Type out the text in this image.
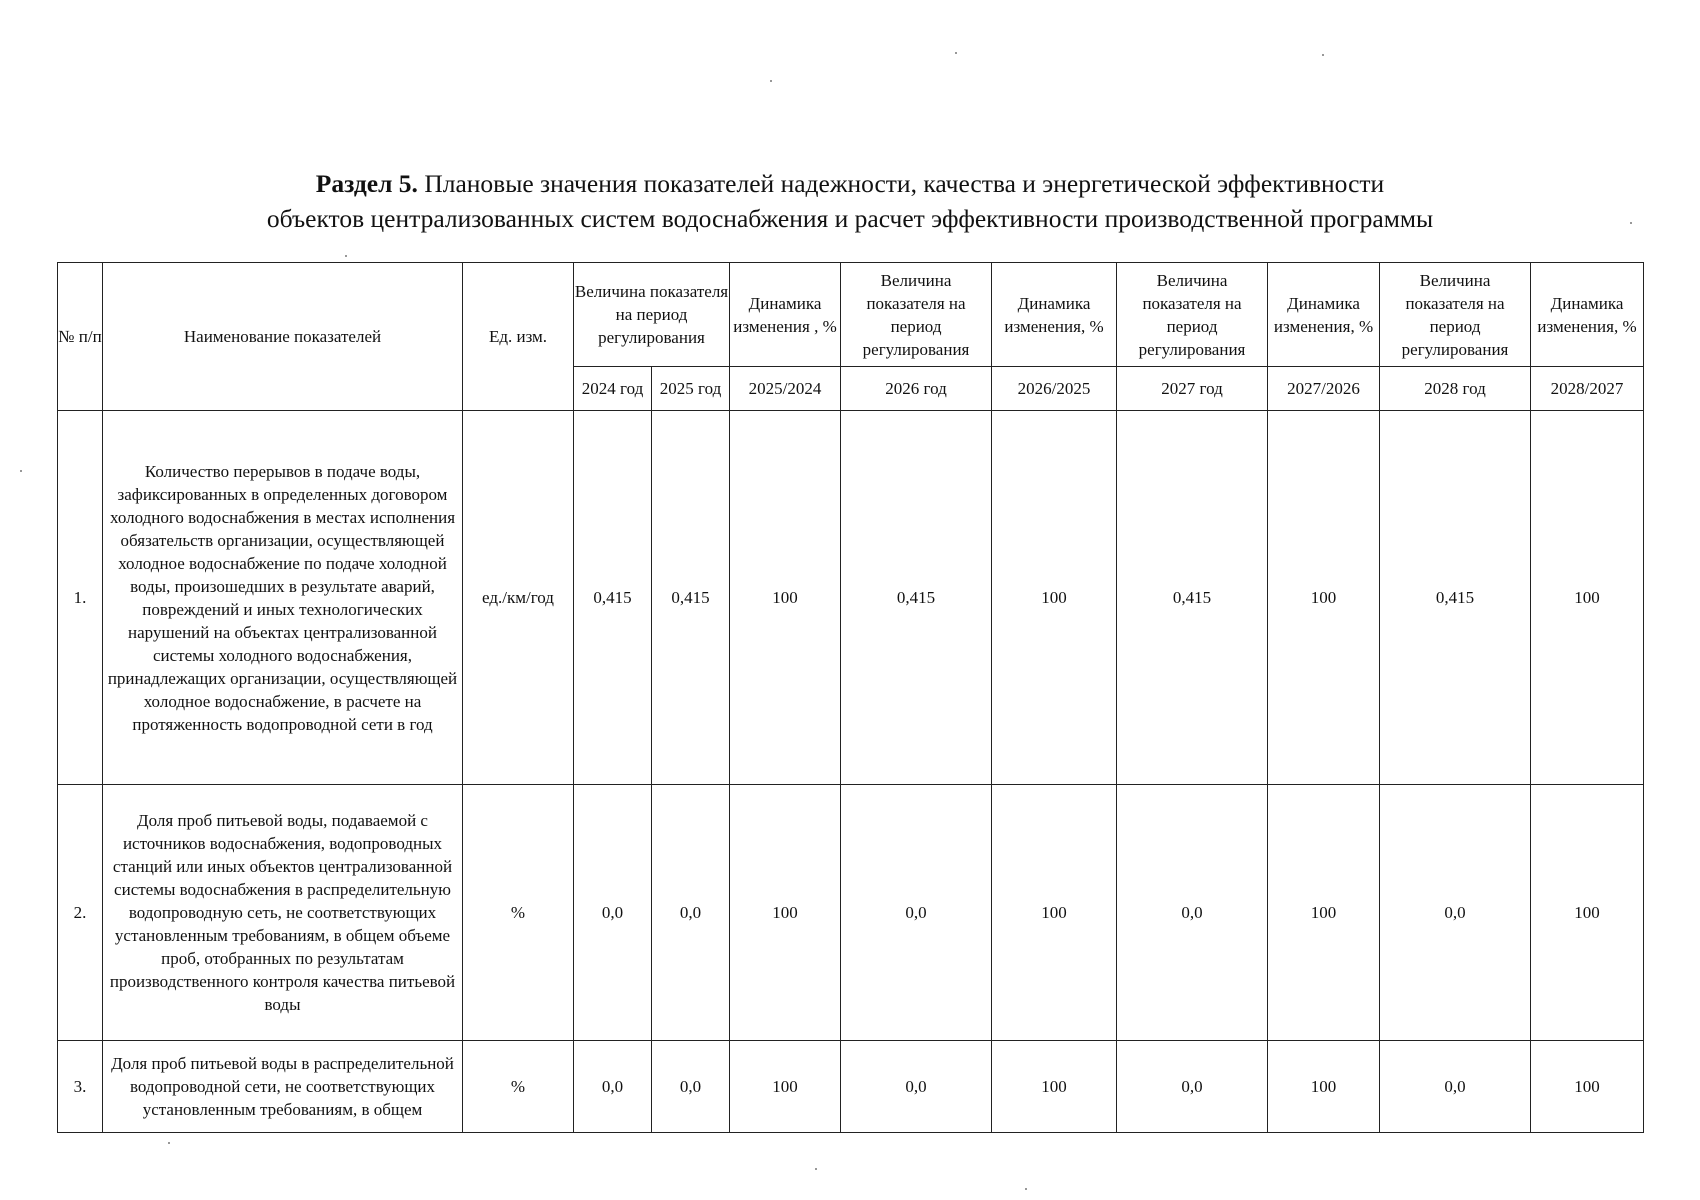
Раздел 5. Плановые значения показателей надежности, качества и энергетической эффективности
объектов централизованных систем водоснабжения и расчет эффективности производственной программы
№ п/п	Наименование показателей	Ед. изм.	Величина показателя на период регулирования		Динамика изменения , %	Величина показателя на период регулирования	Динамика изменения, %	Величина показателя на период регулирования	Динамика изменения, %	Величина показателя на период регулирования	Динамика изменения, %
			2024 год	2025 год	2025/2024	2026 год	2026/2025	2027 год	2027/2026	2028 год	2028/2027
1.	Количество перерывов в подаче воды, зафиксированных в определенных договором холодного водоснабжения в местах исполнения обязательств организации, осуществляющей холодное водоснабжение по подаче холодной воды, произошедших в результате аварий, повреждений и иных технологических нарушений на объектах централизованной системы холодного водоснабжения, принадлежащих организации, осуществляющей холодное водоснабжение, в расчете на протяженность водопроводной сети в год	ед./км/год	0,415	0,415	100	0,415	100	0,415	100	0,415	100
2.	Доля проб питьевой воды, подаваемой с источников водоснабжения, водопроводных станций или иных объектов централизованной системы водоснабжения в распределительную водопроводную сеть, не соответствующих установленным требованиям, в общем объеме проб, отобранных по результатам производственного контроля качества питьевой воды	%	0,0	0,0	100	0,0	100	0,0	100	0,0	100
3.	Доля проб питьевой воды в распределительной водопроводной сети, не соответствующих установленным требованиям, в общем	%	0,0	0,0	100	0,0	100	0,0	100	0,0	100
